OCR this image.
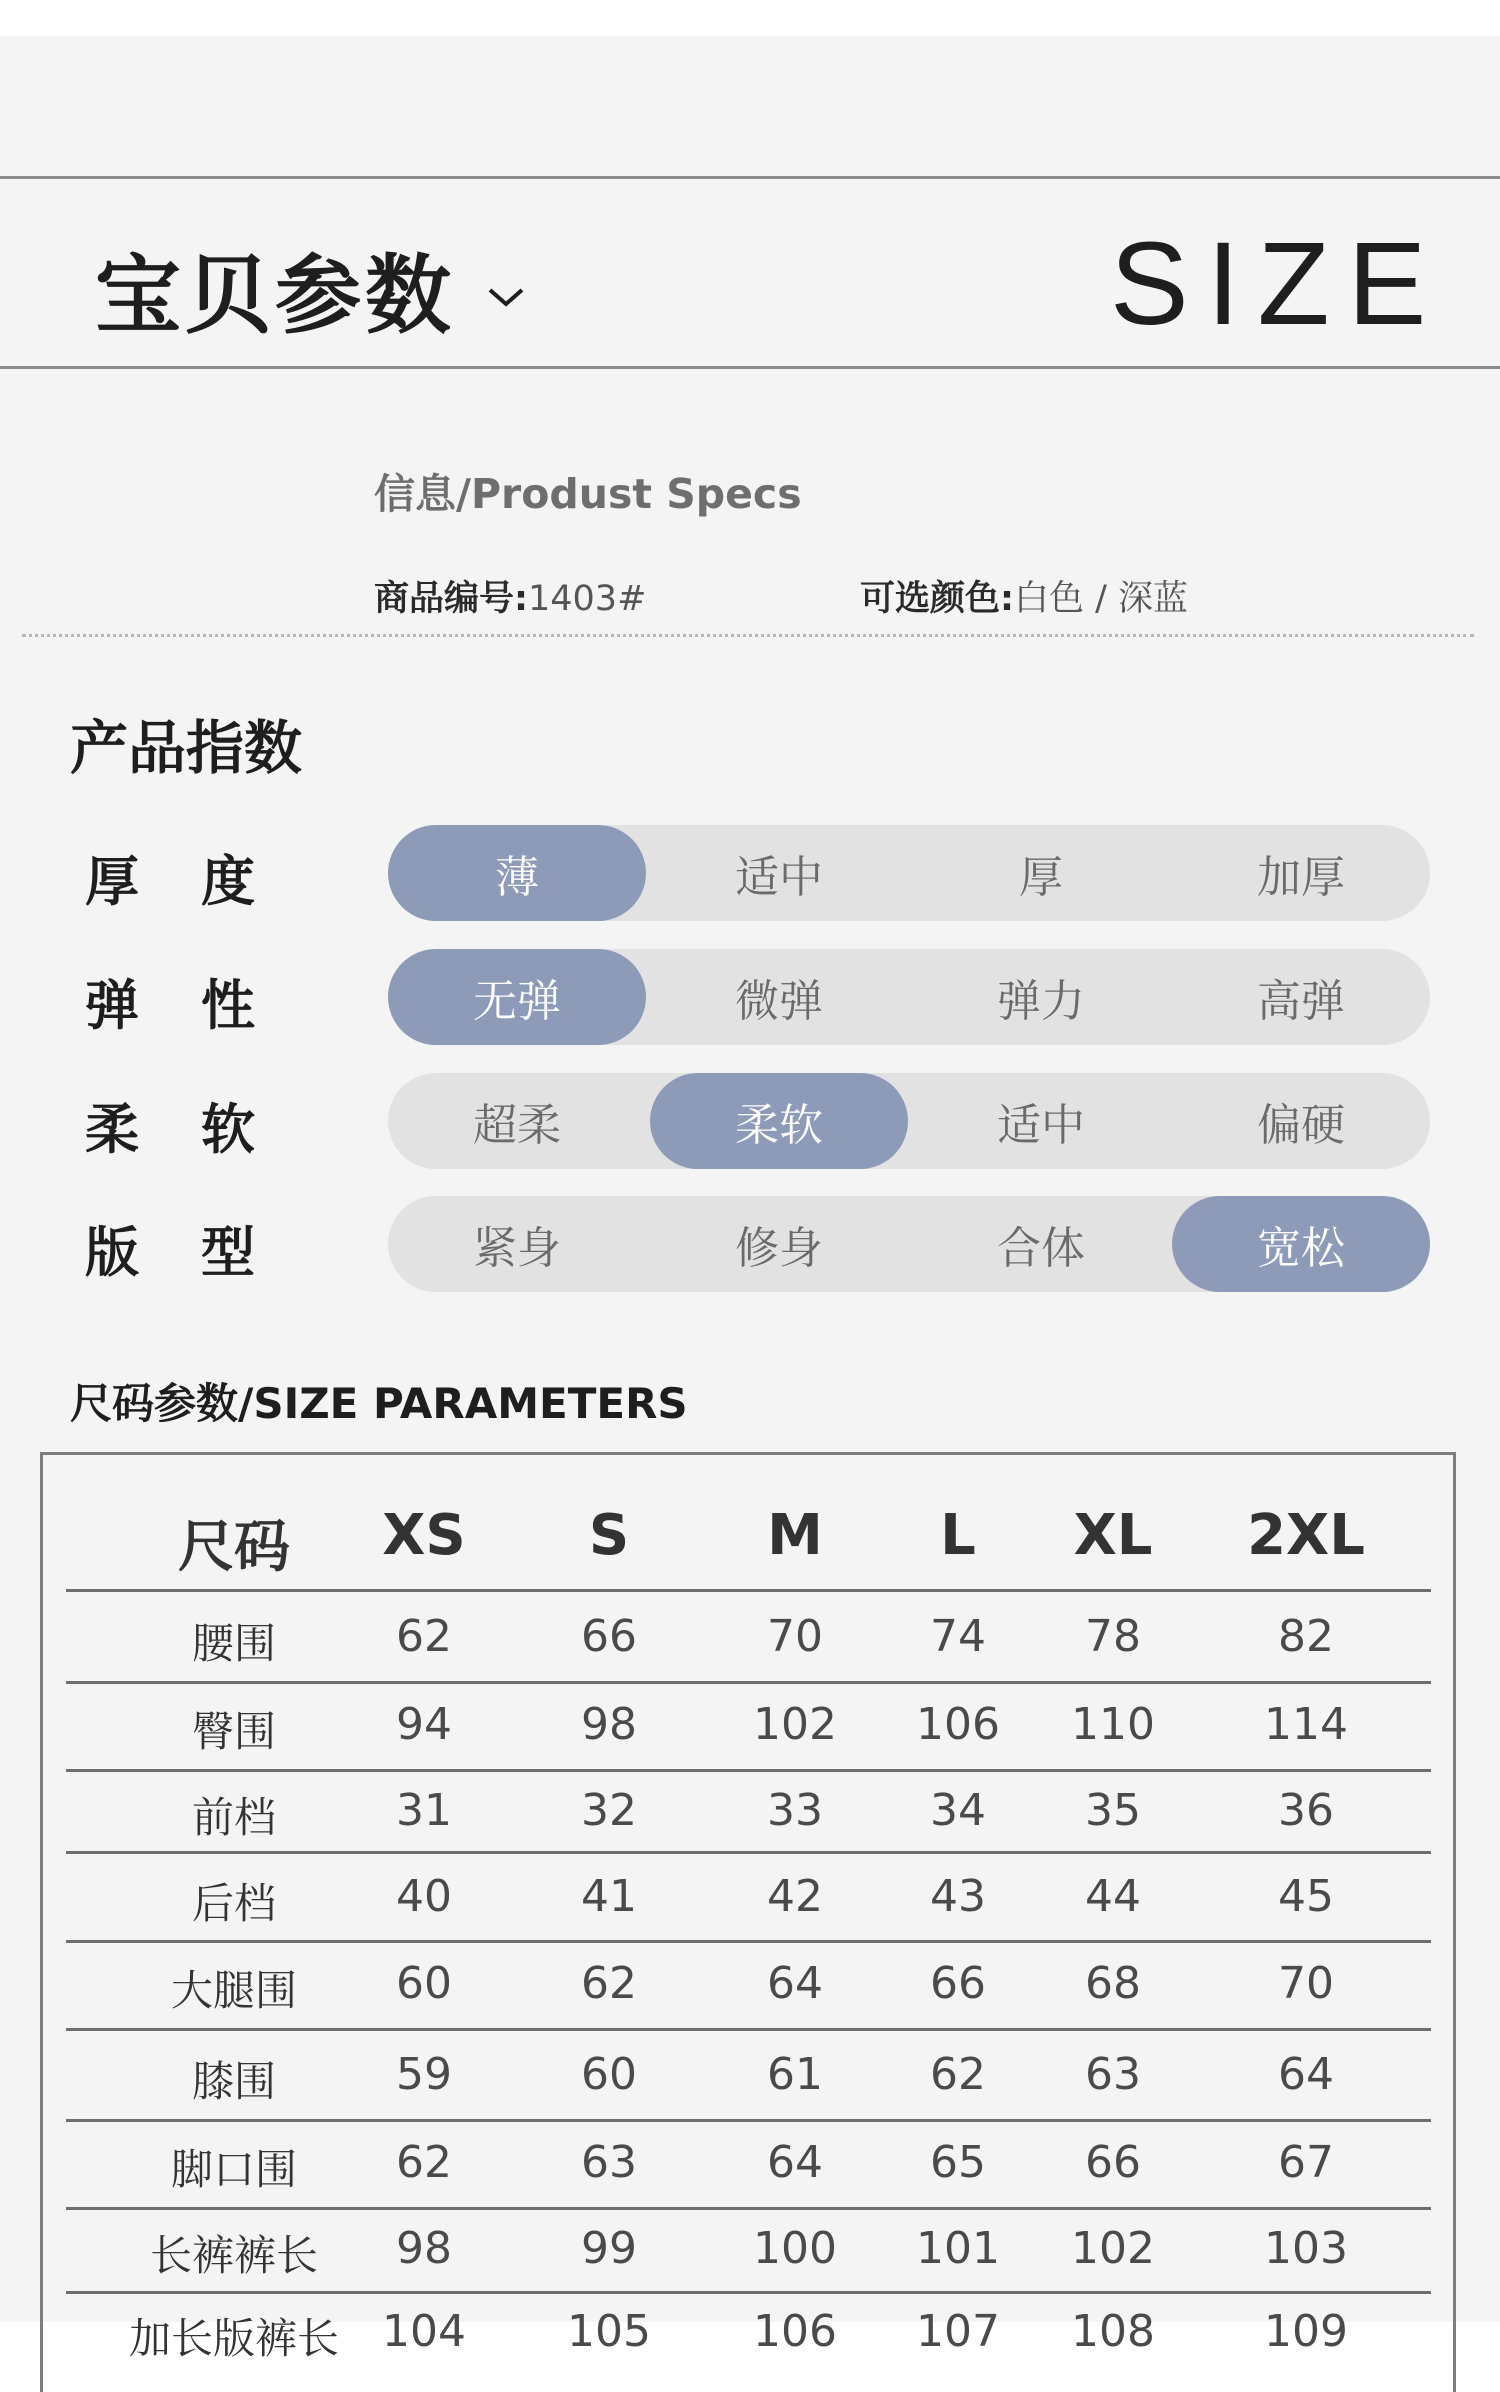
宝贝参数	SIZE
信息/Produst Specs
商品编号:1403#	可选颜色:白色 / 深蓝
产品指数
厚度	薄	适中	厚	加厚
弹性	无弹	微弹	弹力	高弹
柔软	超柔	柔软	适中	偏硬
版型	紧身	修身	合体	宽松
尺码参数/SIZE PARAMETERS
尺码 XS S M L XL 2XL
腰围	62	66	70 74 78	82
臀围	94	98	102 106 110 114
前档	31	32	33 34 35	36
后档	40	41	42 43 44	45
大腿围 60	62	64 66 68	70
膝围	59	60	61 62 63	64
脚口围 62	63	64 65 66	67
长裤裤长 98	99	100 101 102 103
加长版裤长 104 105 106 107 108 109
